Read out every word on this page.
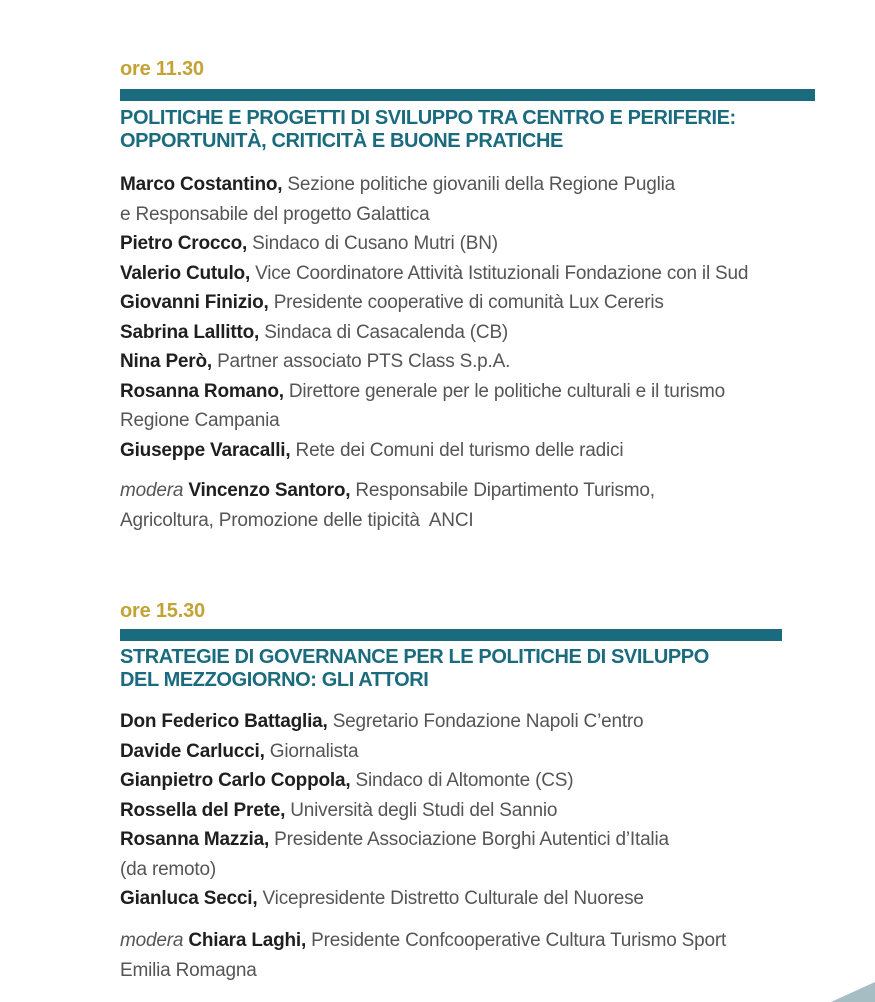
ore 11.30
POLITICHE E PROGETTI DI SVILUPPO TRA CENTRO E PERIFERIE:
OPPORTUNITÀ, CRITICITÀ E BUONE PRATICHE
Marco Costantino, Sezione politiche giovanili della Regione Puglia
e Responsabile del progetto Galattica
Pietro Crocco, Sindaco di Cusano Mutri (BN)
Valerio Cutulo, Vice Coordinatore Attività Istituzionali Fondazione con il Sud
Giovanni Finizio, Presidente cooperative di comunità Lux Cereris
Sabrina Lallitto, Sindaca di Casacalenda (CB)
Nina Però, Partner associato PTS Class S.p.A.
Rosanna Romano, Direttore generale per le politiche culturali e il turismo
Regione Campania
Giuseppe Varacalli, Rete dei Comuni del turismo delle radici
modera Vincenzo Santoro, Responsabile Dipartimento Turismo,
Agricoltura, Promozione delle tipicità  ANCI
ore 15.30
STRATEGIE DI GOVERNANCE PER LE POLITICHE DI SVILUPPO
DEL MEZZOGIORNO: GLI ATTORI
Don Federico Battaglia, Segretario Fondazione Napoli C’entro
Davide Carlucci, Giornalista
Gianpietro Carlo Coppola, Sindaco di Altomonte (CS)
Rossella del Prete, Università degli Studi del Sannio
Rosanna Mazzia, Presidente Associazione Borghi Autentici d’Italia
(da remoto)
Gianluca Secci, Vicepresidente Distretto Culturale del Nuorese
modera Chiara Laghi, Presidente Confcooperative Cultura Turismo Sport
Emilia Romagna
